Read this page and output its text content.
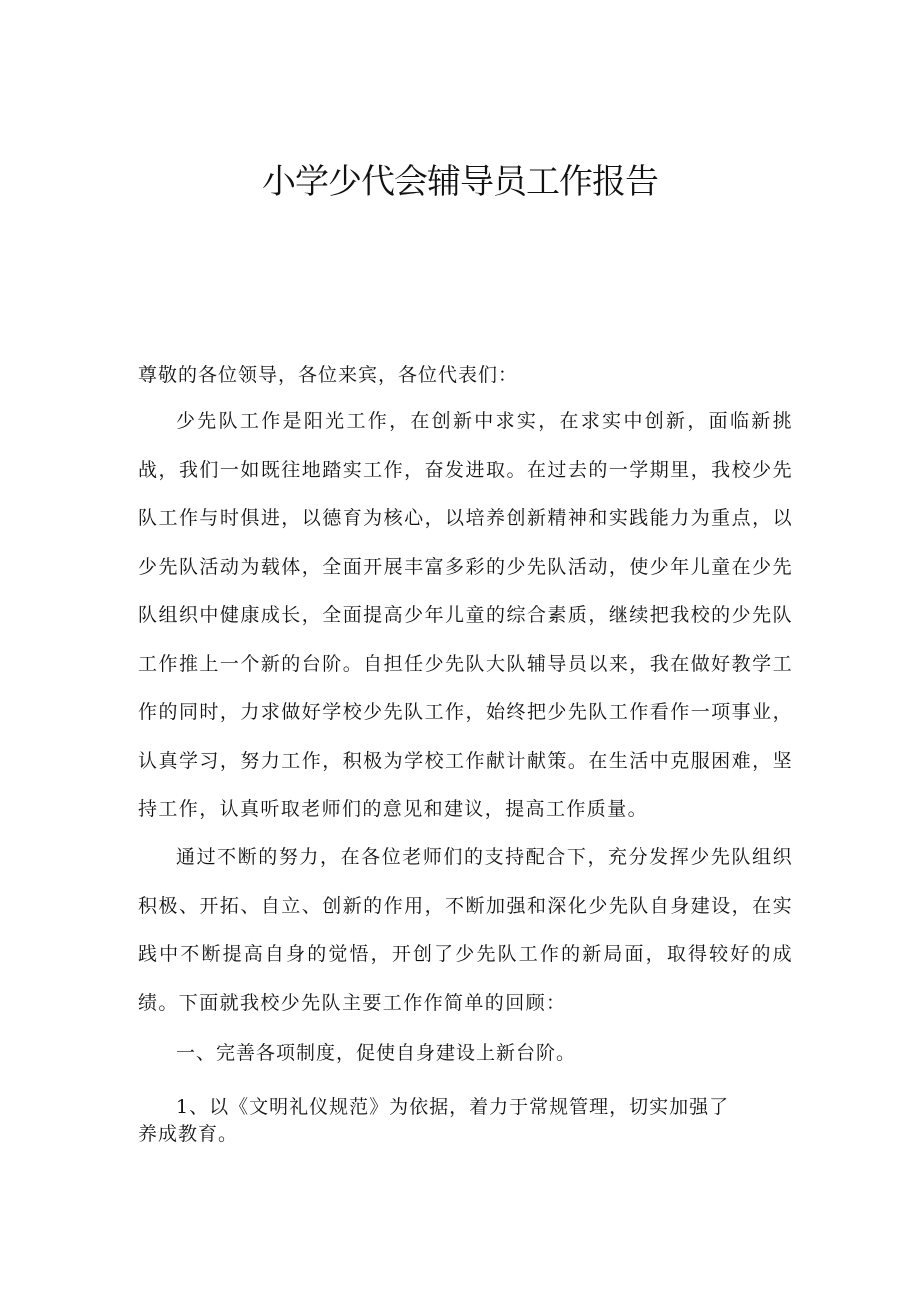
小学少代会辅导员工作报告
尊敬的各位领导，各位来宾，各位代表们：

少先队工作是阳光工作，在创新中求实，在求实中创新，面临新挑战，我们一如既往地踏实工作，奋发进取。在过去的一学期里，我校少先队工作与时俱进，以德育为核心，以培养创新精神和实践能力为重点，以少先队活动为载体，全面开展丰富多彩的少先队活动，使少年儿童在少先队组织中健康成长，全面提高少年儿童的综合素质，继续把我校的少先队工作推上一个新的台阶。自担任少先队大队辅导员以来，我在做好教学工作的同时，力求做好学校少先队工作，始终把少先队工作看作一项事业，认真学习，努力工作，积极为学校工作献计献策。在生活中克服困难，坚持工作，认真听取老师们的意见和建议，提高工作质量。

通过不断的努力，在各位老师们的支持配合下，充分发挥少先队组织积极、开拓、自立、创新的作用，不断加强和深化少先队自身建设，在实践中不断提高自身的觉悟，开创了少先队工作的新局面，取得较好的成绩。下面就我校少先队主要工作作简单的回顾：

一、完善各项制度，促使自身建设上新台阶。
1、以《文明礼仪规范》为依据，着力于常规管理，切实加强了
养成教育。
